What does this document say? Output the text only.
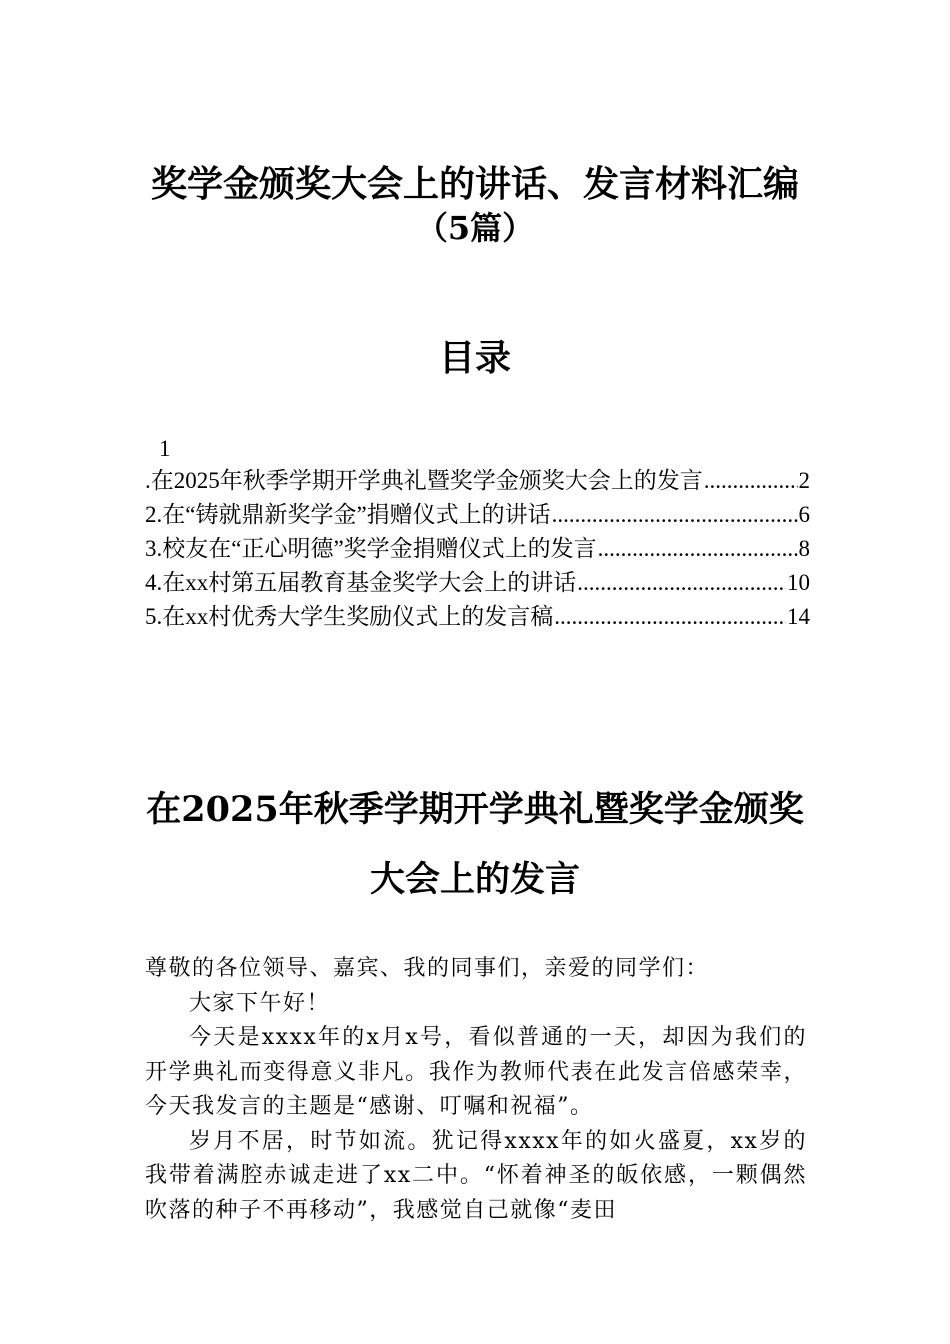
奖学金颁奖大会上的讲话、发言材料汇编
（5篇）
目录
1
.在2025年秋季学期开学典礼暨奖学金颁奖大会上的发言 .....	2
2.在“铸就鼎新奖学金”捐赠仪式上的讲话 .....	6
3.校友在“正心明德”奖学金捐赠仪式上的发言 .....	8
4.在xx村第五届教育基金奖学大会上的讲话 .....	10
5.在xx村优秀大学生奖励仪式上的发言稿 .....	14
在2025年秋季学期开学典礼暨奖学金颁奖
大会上的发言

尊敬的各位领导、嘉宾、我的同事们，亲爱的同学们：

大家下午好！

今天是xxxx年的x月x号，看似普通的一天，却因为我们的开学典礼而变得意义非凡。我作为教师代表在此发言倍感荣幸，今天我发言的主题是“感谢、叮嘱和祝福”。

岁月不居，时节如流。犹记得xxxx年的如火盛夏，xx岁的我带着满腔赤诚走进了xx二中。“怀着神圣的皈依感，一颗偶然吹落的种子不再移动”，我感觉自己就像“麦田
